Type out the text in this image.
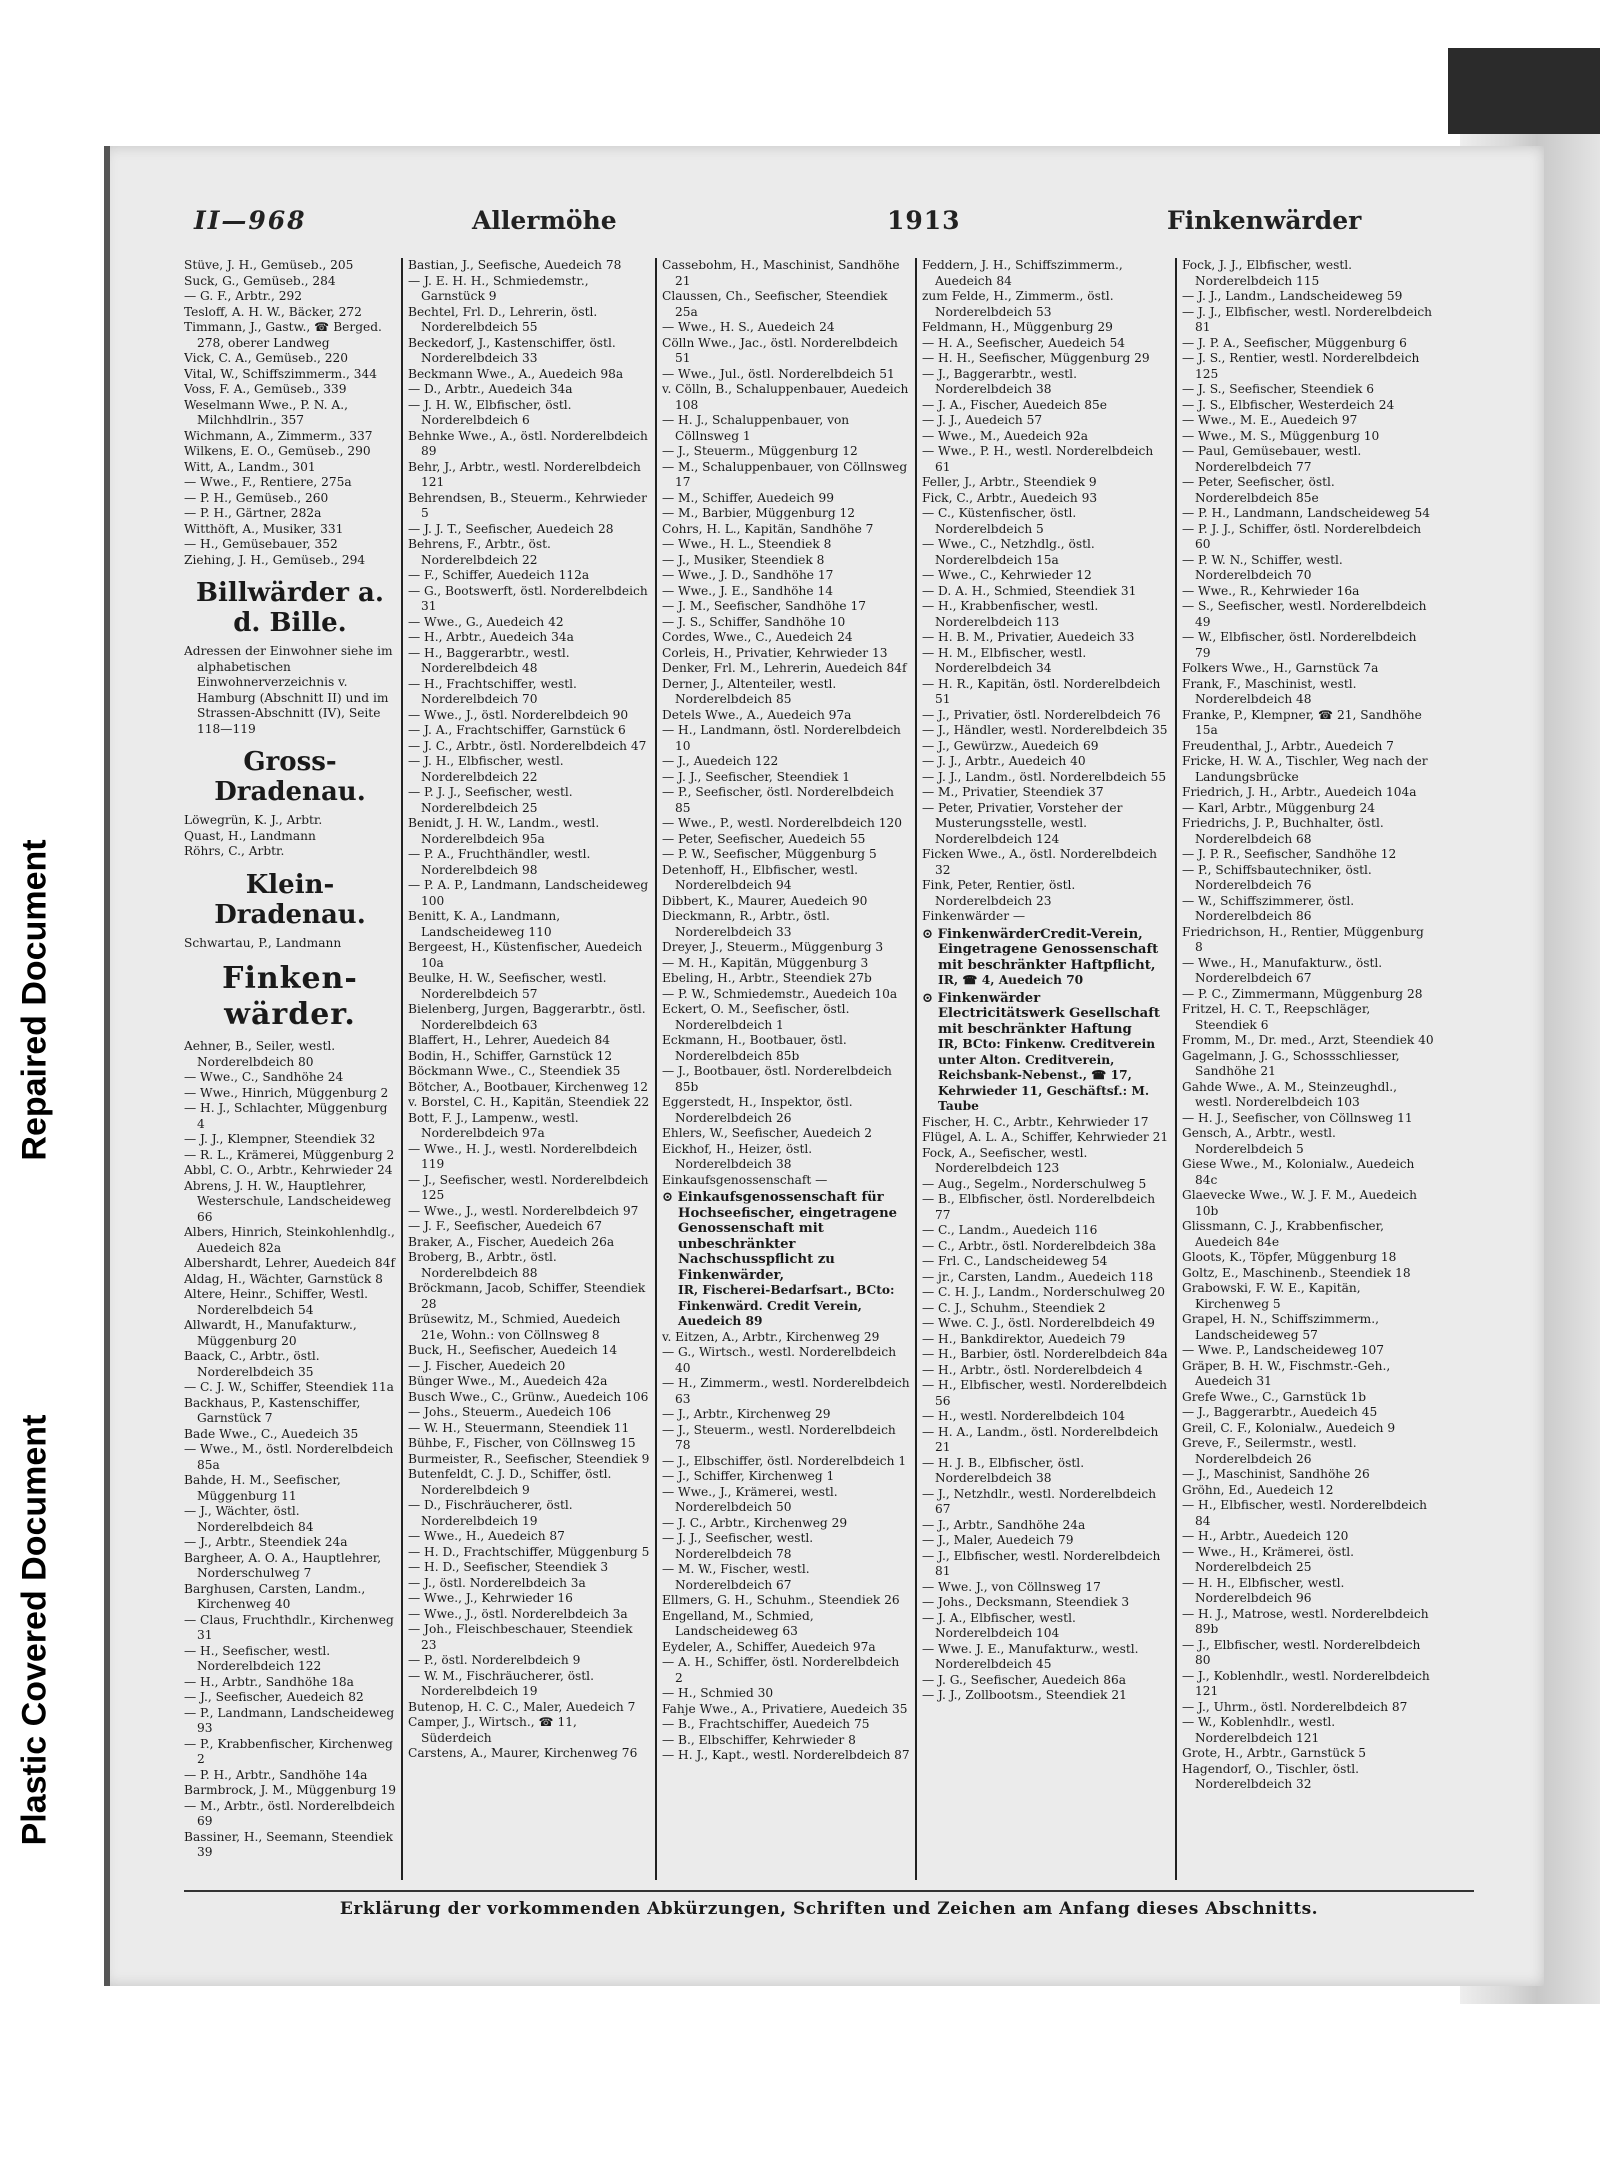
Repaired Document
Plastic Covered Document
II—968	Allermöhe	1913	Finkenwärder
Stüve, J. H., Gemüseb., 205
Suck, G., Gemüseb., 284
— G. F., Arbtr., 292
Tesloff, A. H. W., Bäcker, 272
Timmann, J., Gastw., ☎ Berged. 278, oberer Landweg
Vick, C. A., Gemüseb., 220
Vital, W., Schiffszimmerm., 344
Voss, F. A., Gemüseb., 339
Weselmann Wwe., P. N. A., Milchhdlrin., 357
Wichmann, A., Zimmerm., 337
Wilkens, E. O., Gemüseb., 290
Witt, A., Landm., 301
— Wwe., F., Rentiere, 275a
— P. H., Gemüseb., 260
— P. H., Gärtner, 282a
Witthöft, A., Musiker, 331
— H., Gemüsebauer, 352
Ziehing, J. H., Gemüseb., 294
Billwärder a. d. Bille.
Adressen der Einwohner siehe im alphabetischen Einwohnerverzeichnis v. Hamburg (Abschnitt II) und im Strassen-Abschnitt (IV), Seite 118—119
Gross-Dradenau.
Löwegrün, K. J., Arbtr.
Quast, H., Landmann
Röhrs, C., Arbtr.
Klein-Dradenau.
Schwartau, P., Landmann
Finken-wärder.
Aehner, B., Seiler, westl. Norderelbdeich 80
— Wwe., C., Sandhöhe 24
— Wwe., Hinrich, Müggenburg 2
— H. J., Schlachter, Müggenburg 4
— J. J., Klempner, Steendiek 32
— R. L., Krämerei, Müggenburg 2
Abbl, C. O., Arbtr., Kehrwieder 24
Abrens, J. H. W., Hauptlehrer, Westerschule, Landscheideweg 66
Albers, Hinrich, Steinkohlenhdlg., Auedeich 82a
Albershardt, Lehrer, Auedeich 84f
Aldag, H., Wächter, Garnstück 8
Altere, Heinr., Schiffer, Westl. Norderelbdeich 54
Allwardt, H., Manufakturw., Müggenburg 20
Baack, C., Arbtr., östl. Norderelbdeich 35
— C. J. W., Schiffer, Steendiek 11a
Backhaus, P., Kastenschiffer, Garnstück 7
Bade Wwe., C., Auedeich 35
— Wwe., M., östl. Norderelbdeich 85a
Bahde, H. M., Seefischer, Müggenburg 11
— J., Wächter, östl. Norderelbdeich 84
— J., Arbtr., Steendiek 24a
Bargheer, A. O. A., Hauptlehrer, Norderschulweg 7
Barghusen, Carsten, Landm., Kirchenweg 40
— Claus, Fruchthdlr., Kirchenweg 31
— H., Seefischer, westl. Norderelbdeich 122
— H., Arbtr., Sandhöhe 18a
— J., Seefischer, Auedeich 82
— P., Landmann, Landscheideweg 93
— P., Krabbenfischer, Kirchenweg 2
— P. H., Arbtr., Sandhöhe 14a
Barmbrock, J. M., Müggenburg 19
— M., Arbtr., östl. Norderelbdeich 69
Bassiner, H., Seemann, Steendiek 39
Bastian, J., Seefische, Auedeich 78
— J. E. H. H., Schmiedemstr., Garnstück 9
Bechtel, Frl. D., Lehrerin, östl. Norderelbdeich 55
Beckedorf, J., Kastenschiffer, östl. Norderelbdeich 33
Beckmann Wwe., A., Auedeich 98a
— D., Arbtr., Auedeich 34a
— J. H. W., Elbfischer, östl. Norderelbdeich 6
Behnke Wwe., A., östl. Norderelbdeich 89
Behr, J., Arbtr., westl. Norderelbdeich 121
Behrendsen, B., Steuerm., Kehrwieder 5
— J. J. T., Seefischer, Auedeich 28
Behrens, F., Arbtr., öst. Norderelbdeich 22
— F., Schiffer, Auedeich 112a
— G., Bootswerft, östl. Norderelbdeich 31
— Wwe., G., Auedeich 42
— H., Arbtr., Auedeich 34a
— H., Baggerarbtr., westl. Norderelbdeich 48
— H., Frachtschiffer, westl. Norderelbdeich 70
— Wwe., J., östl. Norderelbdeich 90
— J. A., Frachtschiffer, Garnstück 6
— J. C., Arbtr., östl. Norderelbdeich 47
— J. H., Elbfischer, westl. Norderelbdeich 22
— P. J. J., Seefischer, westl. Norderelbdeich 25
Benidt, J. H. W., Landm., westl. Norderelbdeich 95a
— P. A., Fruchthändler, westl. Norderelbdeich 98
— P. A. P., Landmann, Landscheideweg 100
Benitt, K. A., Landmann, Landscheideweg 110
Bergeest, H., Küstenfischer, Auedeich 10a
Beulke, H. W., Seefischer, westl. Norderelbdeich 57
Bielenberg, Jurgen, Baggerarbtr., östl. Norderelbdeich 63
Blaffert, H., Lehrer, Auedeich 84
Bodin, H., Schiffer, Garnstück 12
Böckmann Wwe., C., Steendiek 35
Bötcher, A., Bootbauer, Kirchenweg 12
v. Borstel, C. H., Kapitän, Steendiek 22
Bott, F. J., Lampenw., westl. Norderelbdeich 97a
— Wwe., H. J., westl. Norderelbdeich 119
— J., Seefischer, westl. Norderelbdeich 125
— Wwe., J., westl. Norderelbdeich 97
— J. F., Seefischer, Auedeich 67
Braker, A., Fischer, Auedeich 26a
Broberg, B., Arbtr., östl. Norderelbdeich 88
Bröckmann, Jacob, Schiffer, Steendiek 28
Brüsewitz, M., Schmied, Auedeich 21e, Wohn.: von Cöllnsweg 8
Buck, H., Seefischer, Auedeich 14
— J. Fischer, Auedeich 20
Bünger Wwe., M., Auedeich 42a
Busch Wwe., C., Grünw., Auedeich 106
— Johs., Steuerm., Auedeich 106
— W. H., Steuermann, Steendiek 11
Bühbe, F., Fischer, von Cöllnsweg 15
Burmeister, R., Seefischer, Steendiek 9
Butenfeldt, C. J. D., Schiffer, östl. Norderelbdeich 9
— D., Fischräucherer, östl. Norderelbdeich 19
— Wwe., H., Auedeich 87
— H. D., Frachtschiffer, Müggenburg 5
— H. D., Seefischer, Steendiek 3
— J., östl. Norderelbdeich 3a
— Wwe., J., Kehrwieder 16
— Wwe., J., östl. Norderelbdeich 3a
— Joh., Fleischbeschauer, Steendiek 23
— P., östl. Norderelbdeich 9
— W. M., Fischräucherer, östl. Norderelbdeich 19
Butenop, H. C. C., Maler, Auedeich 7
Camper, J., Wirtsch., ☎ 11, Süderdeich
Carstens, A., Maurer, Kirchenweg 76
Cassebohm, H., Maschinist, Sandhöhe 21
Claussen, Ch., Seefischer, Steendiek 25a
— Wwe., H. S., Auedeich 24
Cölln Wwe., Jac., östl. Norderelbdeich 51
— Wwe., Jul., östl. Norderelbdeich 51
v. Cölln, B., Schaluppenbauer, Auedeich 108
— H. J., Schaluppenbauer, von Cöllnsweg 1
— J., Steuerm., Müggenburg 12
— M., Schaluppenbauer, von Cöllnsweg 17
— M., Schiffer, Auedeich 99
— M., Barbier, Müggenburg 12
Cohrs, H. L., Kapitän, Sandhöhe 7
— Wwe., H. L., Steendiek 8
— J., Musiker, Steendiek 8
— Wwe., J. D., Sandhöhe 17
— Wwe., J. E., Sandhöhe 14
— J. M., Seefischer, Sandhöhe 17
— J. S., Schiffer, Sandhöhe 10
Cordes, Wwe., C., Auedeich 24
Corleis, H., Privatier, Kehrwieder 13
Denker, Frl. M., Lehrerin, Auedeich 84f
Derner, J., Altenteiler, westl. Norderelbdeich 85
Detels Wwe., A., Auedeich 97a
— H., Landmann, östl. Norderelbdeich 10
— J., Auedeich 122
— J. J., Seefischer, Steendiek 1
— P., Seefischer, östl. Norderelbdeich 85
— Wwe., P., westl. Norderelbdeich 120
— Peter, Seefischer, Auedeich 55
— P. W., Seefischer, Müggenburg 5
Detenhoff, H., Elbfischer, westl. Norderelbdeich 94
Dibbert, K., Maurer, Auedeich 90
Dieckmann, R., Arbtr., östl. Norderelbdeich 33
Dreyer, J., Steuerm., Müggenburg 3
— M. H., Kapitän, Müggenburg 3
Ebeling, H., Arbtr., Steendiek 27b
— P. W., Schmiedemstr., Auedeich 10a
Eckert, O. M., Seefischer, östl. Norderelbdeich 1
Eckmann, H., Bootbauer, östl. Norderelbdeich 85b
— J., Bootbauer, östl. Norderelbdeich 85b
Eggerstedt, H., Inspektor, östl. Norderelbdeich 26
Ehlers, W., Seefischer, Auedeich 2
Eickhof, H., Heizer, östl. Norderelbdeich 38
Einkaufsgenossenschaft —
⊙ Einkaufsgenossenschaft für Hochseefischer, eingetragene Genossenschaft mit unbeschränkter Nachschusspflicht zu Finkenwärder,
IR, Fischerei-Bedarfsart., BCto: Finkenwärd. Credit Verein, Auedeich 89
v. Eitzen, A., Arbtr., Kirchenweg 29
— G., Wirtsch., westl. Norderelbdeich 40
— H., Zimmerm., westl. Norderelbdeich 63
— J., Arbtr., Kirchenweg 29
— J., Steuerm., westl. Norderelbdeich 78
— J., Elbschiffer, östl. Norderelbdeich 1
— J., Schiffer, Kirchenweg 1
— Wwe., J., Krämerei, westl. Norderelbdeich 50
— J. C., Arbtr., Kirchenweg 29
— J. J., Seefischer, westl. Norderelbdeich 78
— M. W., Fischer, westl. Norderelbdeich 67
Ellmers, G. H., Schuhm., Steendiek 26
Engelland, M., Schmied, Landscheideweg 63
Eydeler, A., Schiffer, Auedeich 97a
— A. H., Schiffer, östl. Norderelbdeich 2
— H., Schmied 30
Fahje Wwe., A., Privatiere, Auedeich 35
— B., Frachtschiffer, Auedeich 75
— B., Elbschiffer, Kehrwieder 8
— H. J., Kapt., westl. Norderelbdeich 87
Feddern, J. H., Schiffszimmerm., Auedeich 84
zum Felde, H., Zimmerm., östl. Norderelbdeich 53
Feldmann, H., Müggenburg 29
— H. A., Seefischer, Auedeich 54
— H. H., Seefischer, Müggenburg 29
— J., Baggerarbtr., westl. Norderelbdeich 38
— J. A., Fischer, Auedeich 85e
— J. J., Auedeich 57
— Wwe., M., Auedeich 92a
— Wwe., P. H., westl. Norderelbdeich 61
Feller, J., Arbtr., Steendiek 9
Fick, C., Arbtr., Auedeich 93
— C., Küstenfischer, östl. Norderelbdeich 5
— Wwe., C., Netzhdlg., östl. Norderelbdeich 15a
— Wwe., C., Kehrwieder 12
— D. A. H., Schmied, Steendiek 31
— H., Krabbenfischer, westl. Norderelbdeich 113
— H. B. M., Privatier, Auedeich 33
— H. M., Elbfischer, westl. Norderelbdeich 34
— H. R., Kapitän, östl. Norderelbdeich 51
— J., Privatier, östl. Norderelbdeich 76
— J., Händler, westl. Norderelbdeich 35
— J., Gewürzw., Auedeich 69
— J. J., Arbtr., Auedeich 40
— J. J., Landm., östl. Norderelbdeich 55
— M., Privatier, Steendiek 37
— Peter, Privatier, Vorsteher der Musterungsstelle, westl. Norderelbdeich 124
Ficken Wwe., A., östl. Norderelbdeich 32
Fink, Peter, Rentier, östl. Norderelbdeich 23
Finkenwärder —
⊙ FinkenwärderCredit-Verein, Eingetragene Genossenschaft mit beschränkter Haftpflicht,
IR, ☎ 4, Auedeich 70
⊙ Finkenwärder Electricitätswerk Gesellschaft mit beschränkter Haftung
IR, BCto: Finkenw. Creditverein unter Alton. Creditverein, Reichsbank-Nebenst., ☎ 17, Kehrwieder 11, Geschäftsf.: M. Taube
Fischer, H. C., Arbtr., Kehrwieder 17
Flügel, A. L. A., Schiffer, Kehrwieder 21
Fock, A., Seefischer, westl. Norderelbdeich 123
— Aug., Segelm., Norderschulweg 5
— B., Elbfischer, östl. Norderelbdeich 77
— C., Landm., Auedeich 116
— C., Arbtr., östl. Norderelbdeich 38a
— Frl. C., Landscheideweg 54
— jr., Carsten, Landm., Auedeich 118
— C. H. J., Landm., Norderschulweg 20
— C. J., Schuhm., Steendiek 2
— Wwe. C. J., östl. Norderelbdeich 49
— H., Bankdirektor, Auedeich 79
— H., Barbier, östl. Norderelbdeich 84a
— H., Arbtr., östl. Norderelbdeich 4
— H., Elbfischer, westl. Norderelbdeich 56
— H., westl. Norderelbdeich 104
— H. A., Landm., östl. Norderelbdeich 21
— H. J. B., Elbfischer, östl. Norderelbdeich 38
— J., Netzhdlr., westl. Norderelbdeich 67
— J., Arbtr., Sandhöhe 24a
— J., Maler, Auedeich 79
— J., Elbfischer, westl. Norderelbdeich 81
— Wwe. J., von Cöllnsweg 17
— Johs., Decksmann, Steendiek 3
— J. A., Elbfischer, westl. Norderelbdeich 104
— Wwe. J. E., Manufakturw., westl. Norderelbdeich 45
— J. G., Seefischer, Auedeich 86a
— J. J., Zollbootsm., Steendiek 21
Fock, J. J., Elbfischer, westl. Norderelbdeich 115
— J. J., Landm., Landscheideweg 59
— J. J., Elbfischer, westl. Norderelbdeich 81
— J. P. A., Seefischer, Müggenburg 6
— J. S., Rentier, westl. Norderelbdeich 125
— J. S., Seefischer, Steendiek 6
— J. S., Elbfischer, Westerdeich 24
— Wwe., M. E., Auedeich 97
— Wwe., M. S., Müggenburg 10
— Paul, Gemüsebauer, westl. Norderelbdeich 77
— Peter, Seefischer, östl. Norderelbdeich 85e
— P. H., Landmann, Landscheideweg 54
— P. J. J., Schiffer, östl. Norderelbdeich 60
— P. W. N., Schiffer, westl. Norderelbdeich 70
— Wwe., R., Kehrwieder 16a
— S., Seefischer, westl. Norderelbdeich 49
— W., Elbfischer, östl. Norderelbdeich 79
Folkers Wwe., H., Garnstück 7a
Frank, F., Maschinist, westl. Norderelbdeich 48
Franke, P., Klempner, ☎ 21, Sandhöhe 15a
Freudenthal, J., Arbtr., Auedeich 7
Fricke, H. W. A., Tischler, Weg nach der Landungsbrücke
Friedrich, J. H., Arbtr., Auedeich 104a
— Karl, Arbtr., Müggenburg 24
Friedrichs, J. P., Buchhalter, östl. Norderelbdeich 68
— J. P. R., Seefischer, Sandhöhe 12
— P., Schiffsbautechniker, östl. Norderelbdeich 76
— W., Schiffszimmerer, östl. Norderelbdeich 86
Friedrichson, H., Rentier, Müggenburg 8
— Wwe., H., Manufakturw., östl. Norderelbdeich 67
— P. C., Zimmermann, Müggenburg 28
Fritzel, H. C. T., Reepschläger, Steendiek 6
Fromm, M., Dr. med., Arzt, Steendiek 40
Gagelmann, J. G., Schossschliesser, Sandhöhe 21
Gahde Wwe., A. M., Steinzeughdl., westl. Norderelbdeich 103
— H. J., Seefischer, von Cöllnsweg 11
Gensch, A., Arbtr., westl. Norderelbdeich 5
Giese Wwe., M., Kolonialw., Auedeich 84c
Glaevecke Wwe., W. J. F. M., Auedeich 10b
Glissmann, C. J., Krabbenfischer, Auedeich 84e
Gloots, K., Töpfer, Müggenburg 18
Goltz, E., Maschinenb., Steendiek 18
Grabowski, F. W. E., Kapitän, Kirchenweg 5
Grapel, H. N., Schiffszimmerm., Landscheideweg 57
— Wwe. P., Landscheideweg 107
Gräper, B. H. W., Fischmstr.-Geh., Auedeich 31
Grefe Wwe., C., Garnstück 1b
— J., Baggerarbtr., Auedeich 45
Greil, C. F., Kolonialw., Auedeich 9
Greve, F., Seilermstr., westl. Norderelbdeich 26
— J., Maschinist, Sandhöhe 26
Gröhn, Ed., Auedeich 12
— H., Elbfischer, westl. Norderelbdeich 84
— H., Arbtr., Auedeich 120
— Wwe., H., Krämerei, östl. Norderelbdeich 25
— H. H., Elbfischer, westl. Norderelbdeich 96
— H. J., Matrose, westl. Norderelbdeich 89b
— J., Elbfischer, westl. Norderelbdeich 80
— J., Koblenhdlr., westl. Norderelbdeich 121
— J., Uhrm., östl. Norderelbdeich 87
— W., Koblenhdlr., westl. Norderelbdeich 121
Grote, H., Arbtr., Garnstück 5
Hagendorf, O., Tischler, östl. Norderelbdeich 32
Erklärung der vorkommenden Abkürzungen, Schriften und Zeichen am Anfang dieses Abschnitts.
